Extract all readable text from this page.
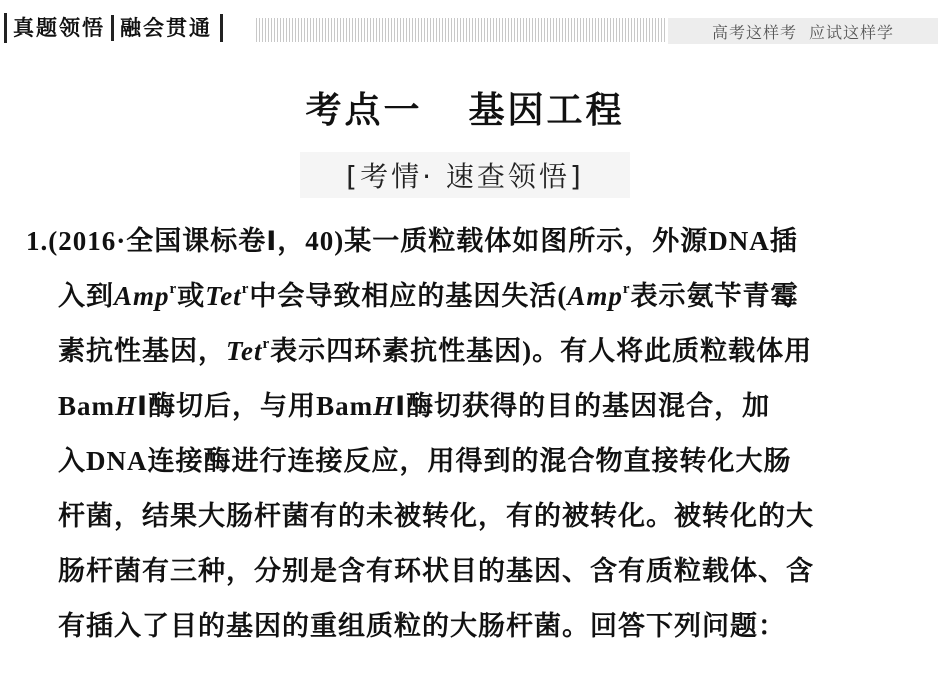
真题领悟 融会贯通	高考这样考 应试这样学
考点一 基因工程
[考情· 速查领悟]
1.(2016·全国课标卷Ⅰ，40)某一质粒载体如图所示，外源DNA插
入到Amp$^r$或Tet$^r$中会导致相应的基因失活(Amp$^r$表示氨苄青霉
素抗性基因，Tet$^r$表示四环素抗性基因)。有人将此质粒载体用
BamHⅠ酶切后，与用BamHⅠ酶切获得的目的基因混合，加
入DNA连接酶进行连接反应，用得到的混合物直接转化大肠
杆菌，结果大肠杆菌有的未被转化，有的被转化。被转化的大
肠杆菌有三种，分别是含有环状目的基因、含有质粒载体、含
有插入了目的基因的重组质粒的大肠杆菌。回答下列问题：
